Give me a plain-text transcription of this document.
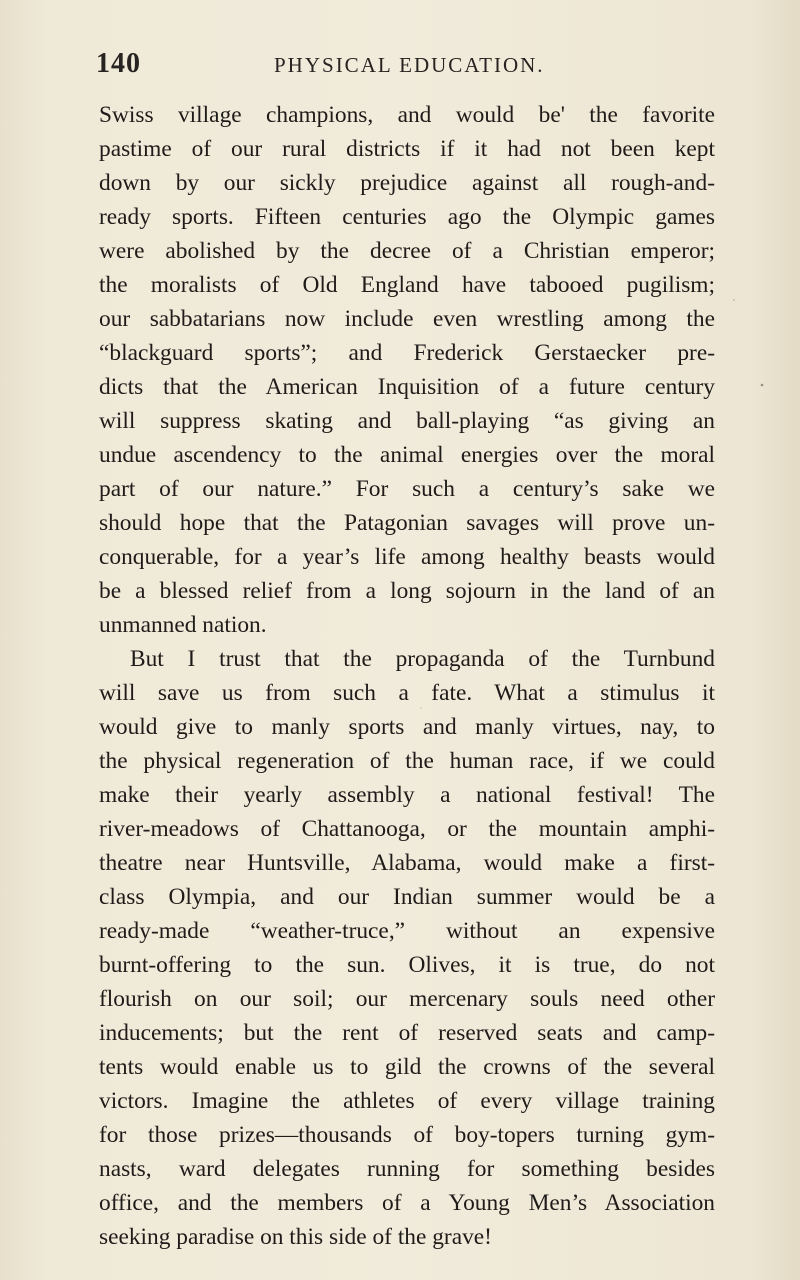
140	PHYSICAL EDUCATION.
Swiss village champions, and would be' the favorite
pastime of our rural districts if it had not been kept
down by our sickly prejudice against all rough-and-
ready sports. Fifteen centuries ago the Olympic games
were abolished by the decree of a Christian emperor;
the moralists of Old England have tabooed pugilism;
our sabbatarians now include even wrestling among the
“blackguard sports”; and Frederick Gerstaecker pre-
dicts that the American Inquisition of a future century
will suppress skating and ball-playing “as giving an
undue ascendency to the animal energies over the moral
part of our nature.” For such a century’s sake we
should hope that the Patagonian savages will prove un-
conquerable, for a year’s life among healthy beasts would
be a blessed relief from a long sojourn in the land of an
unmanned nation.
But I trust that the propaganda of the Turnbund
will save us from such a fate. What a stimulus it
would give to manly sports and manly virtues, nay, to
the physical regeneration of the human race, if we could
make their yearly assembly a national festival! The
river-meadows of Chattanooga, or the mountain amphi-
theatre near Huntsville, Alabama, would make a first-
class Olympia, and our Indian summer would be a
ready-made “weather-truce,” without an expensive
burnt-offering to the sun. Olives, it is true, do not
flourish on our soil; our mercenary souls need other
inducements; but the rent of reserved seats and camp-
tents would enable us to gild the crowns of the several
victors. Imagine the athletes of every village training
for those prizes—thousands of boy-topers turning gym-
nasts, ward delegates running for something besides
office, and the members of a Young Men’s Association
seeking paradise on this side of the grave!
